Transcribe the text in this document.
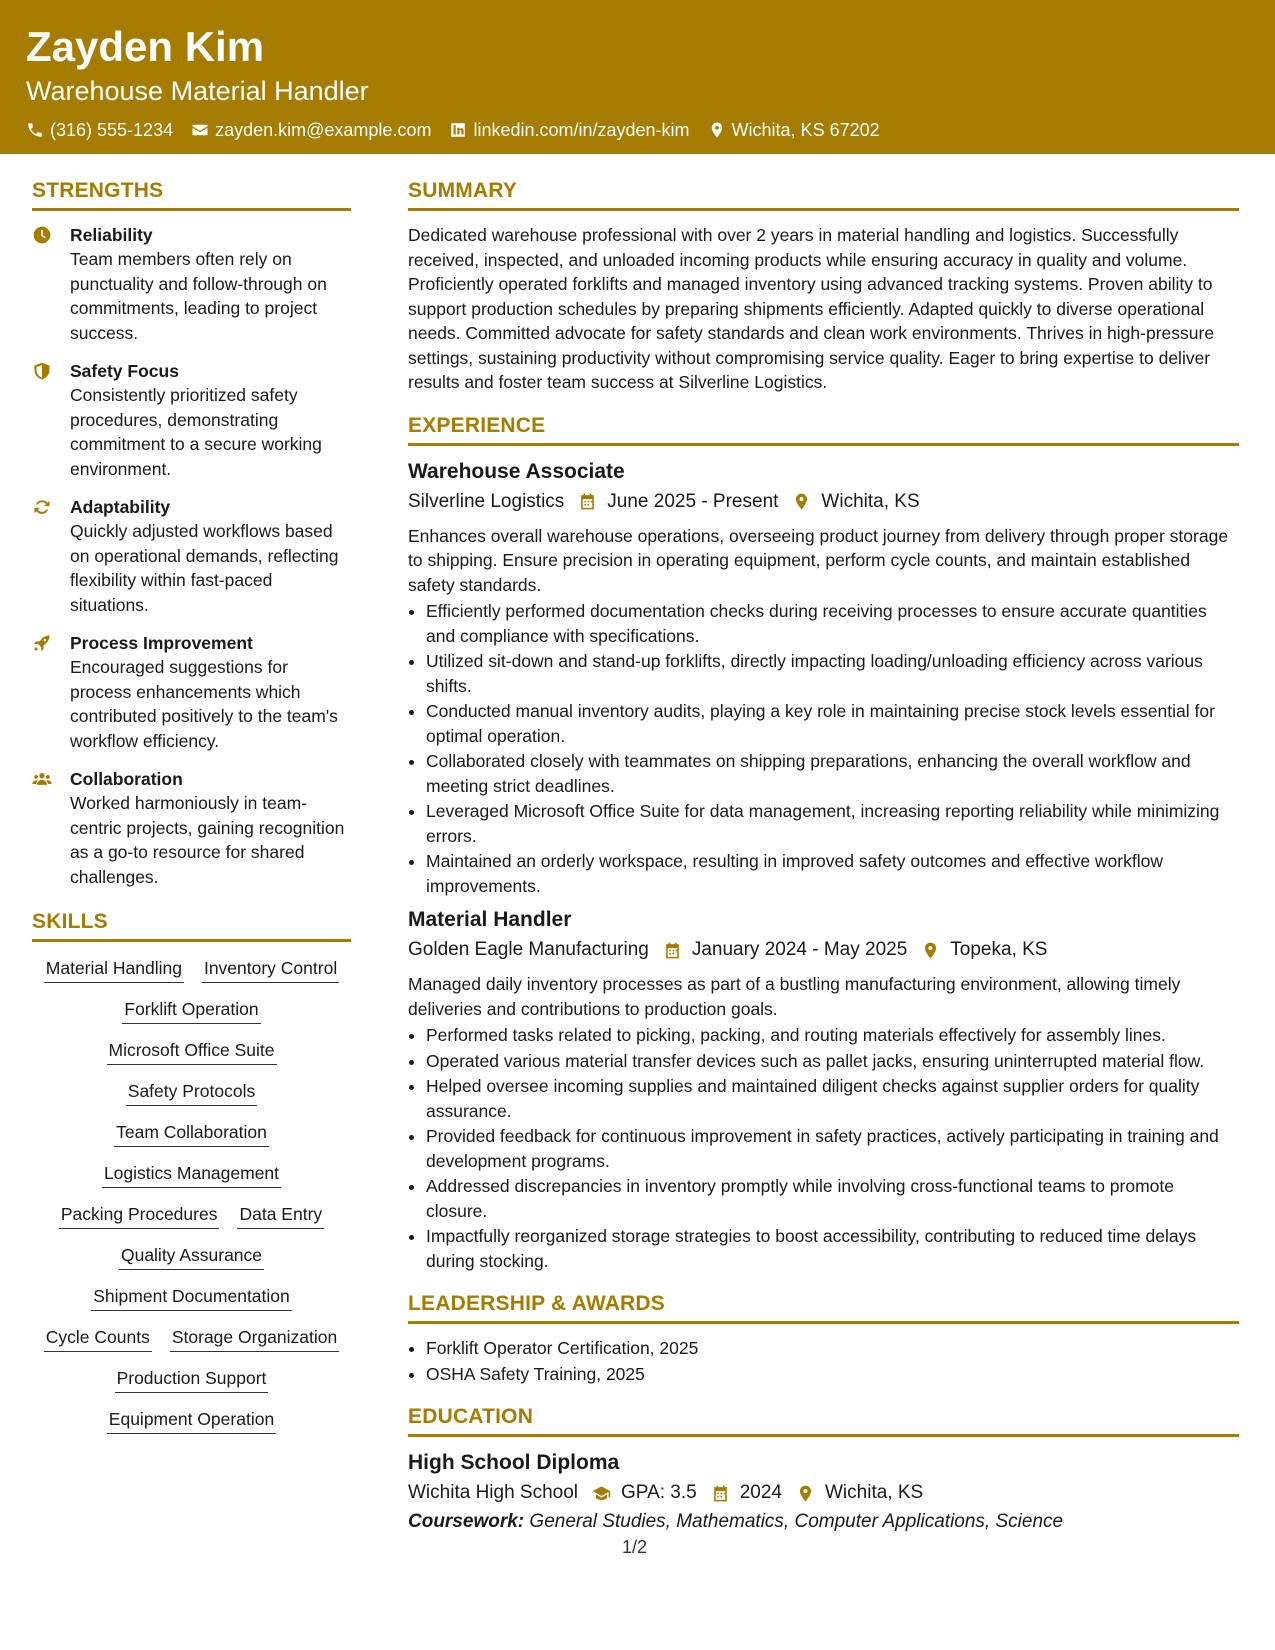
Zayden Kim
Warehouse Material Handler
(316) 555-1234 zayden.kim@example.com linkedin.com/in/zayden-kim Wichita, KS 67202
STRENGTHS
Reliability
Team members often rely on punctuality and follow-through on commitments, leading to project success.
Safety Focus
Consistently prioritized safety procedures, demonstrating commitment to a secure working environment.
Adaptability
Quickly adjusted workflows based on operational demands, reflecting flexibility within fast-paced situations.
Process Improvement
Encouraged suggestions for process enhancements which contributed positively to the team's workflow efficiency.
Collaboration
Worked harmoniously in team-centric projects, gaining recognition as a go-to resource for shared challenges.
SKILLS
Material Handling Inventory Control
Forklift Operation
Microsoft Office Suite
Safety Protocols
Team Collaboration
Logistics Management
Packing Procedures Data Entry
Quality Assurance
Shipment Documentation
Cycle Counts Storage Organization
Production Support
Equipment Operation
SUMMARY
Dedicated warehouse professional with over 2 years in material handling and logistics. Successfully received, inspected, and unloaded incoming products while ensuring accuracy in quality and volume. Proficiently operated forklifts and managed inventory using advanced tracking systems. Proven ability to support production schedules by preparing shipments efficiently. Adapted quickly to diverse operational needs. Committed advocate for safety standards and clean work environments. Thrives in high-pressure settings, sustaining productivity without compromising service quality. Eager to bring expertise to deliver results and foster team success at Silverline Logistics.
EXPERIENCE
Warehouse Associate
Silverline Logistics June 2025 - Present Wichita, KS
Enhances overall warehouse operations, overseeing product journey from delivery through proper storage to shipping. Ensure precision in operating equipment, perform cycle counts, and maintain established safety standards.
• Efficiently performed documentation checks during receiving processes to ensure accurate quantities and compliance with specifications.
• Utilized sit-down and stand-up forklifts, directly impacting loading/unloading efficiency across various shifts.
• Conducted manual inventory audits, playing a key role in maintaining precise stock levels essential for optimal operation.
• Collaborated closely with teammates on shipping preparations, enhancing the overall workflow and meeting strict deadlines.
• Leveraged Microsoft Office Suite for data management, increasing reporting reliability while minimizing errors.
• Maintained an orderly workspace, resulting in improved safety outcomes and effective workflow improvements.
Material Handler
Golden Eagle Manufacturing January 2024 - May 2025 Topeka, KS
Managed daily inventory processes as part of a bustling manufacturing environment, allowing timely deliveries and contributions to production goals.
• Performed tasks related to picking, packing, and routing materials effectively for assembly lines.
• Operated various material transfer devices such as pallet jacks, ensuring uninterrupted material flow.
• Helped oversee incoming supplies and maintained diligent checks against supplier orders for quality assurance.
• Provided feedback for continuous improvement in safety practices, actively participating in training and development programs.
• Addressed discrepancies in inventory promptly while involving cross-functional teams to promote closure.
• Impactfully reorganized storage strategies to boost accessibility, contributing to reduced time delays during stocking.
LEADERSHIP & AWARDS
• Forklift Operator Certification, 2025
• OSHA Safety Training, 2025
EDUCATION
High School Diploma
Wichita High School GPA: 3.5 2024 Wichita, KS
Coursework: General Studies, Mathematics, Computer Applications, Science
1/2
